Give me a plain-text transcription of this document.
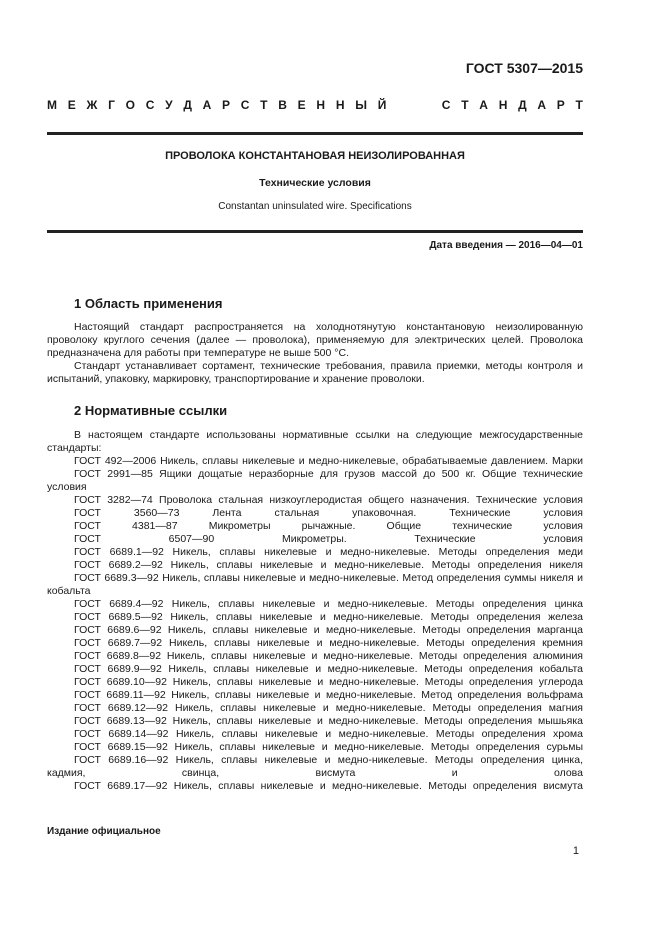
ГОСТ 5307—2015
М Е Ж Г О С У Д А Р С Т В Е Н Н Ы Й	С Т А Н Д А Р Т
ПРОВОЛОКА КОНСТАНТАНОВАЯ НЕИЗОЛИРОВАННАЯ
Технические условия
Constantan uninsulated wire. Specifications
Дата введения — 2016—04—01
1 Область применения

Настоящий стандарт распространяется на холоднотянутую константановую неизолированную проволоку круглого сечения (далее — проволока), применяемую для электрических целей. Проволока предназначена для работы при температуре не выше 500 °C.

Стандарт устанавливает сортамент, технические требования, правила приемки, методы контроля и испытаний, упаковку, маркировку, транспортирование и хранение проволоки.

2 Нормативные ссылки

В настоящем стандарте использованы нормативные ссылки на следующие межгосударственные стандарты:

ГОСТ 492—2006 Никель, сплавы никелевые и медно-никелевые, обрабатываемые давлением. Марки

ГОСТ 2991—85 Ящики дощатые неразборные для грузов массой до 500 кг. Общие технические условия

ГОСТ 3282—74 Проволока стальная низкоуглеродистая общего назначения. Технические условия

ГОСТ 3560—73 Лента стальная упаковочная. Технические условия

ГОСТ 4381—87 Микрометры рычажные. Общие технические условия

ГОСТ 6507—90 Микрометры. Технические условия

ГОСТ 6689.1—92 Никель, сплавы никелевые и медно-никелевые. Методы определения меди

ГОСТ 6689.2—92 Никель, сплавы никелевые и медно-никелевые. Методы определения никеля

ГОСТ 6689.3—92 Никель, сплавы никелевые и медно-никелевые. Метод определения суммы никеля и кобальта

ГОСТ 6689.4—92 Никель, сплавы никелевые и медно-никелевые. Методы определения цинка

ГОСТ 6689.5—92 Никель, сплавы никелевые и медно-никелевые. Методы определения железа

ГОСТ 6689.6—92 Никель, сплавы никелевые и медно-никелевые. Методы определения марганца

ГОСТ 6689.7—92 Никель, сплавы никелевые и медно-никелевые. Методы определения кремния

ГОСТ 6689.8—92 Никель, сплавы никелевые и медно-никелевые. Методы определения алюминия

ГОСТ 6689.9—92 Никель, сплавы никелевые и медно-никелевые. Методы определения кобальта

ГОСТ 6689.10—92 Никель, сплавы никелевые и медно-никелевые. Методы определения углерода

ГОСТ 6689.11—92 Никель, сплавы никелевые и медно-никелевые. Метод определения вольфрама

ГОСТ 6689.12—92 Никель, сплавы никелевые и медно-никелевые. Методы определения магния

ГОСТ 6689.13—92 Никель, сплавы никелевые и медно-никелевые. Методы определения мышьяка

ГОСТ 6689.14—92 Никель, сплавы никелевые и медно-никелевые. Методы определения хрома

ГОСТ 6689.15—92 Никель, сплавы никелевые и медно-никелевые. Методы определения сурьмы

ГОСТ 6689.16—92 Никель, сплавы никелевые и медно-никелевые. Методы определения цинка, кадмия, свинца, висмута и олова

ГОСТ 6689.17—92 Никель, сплавы никелевые и медно-никелевые. Методы определения висмута

Издание официальное
1
